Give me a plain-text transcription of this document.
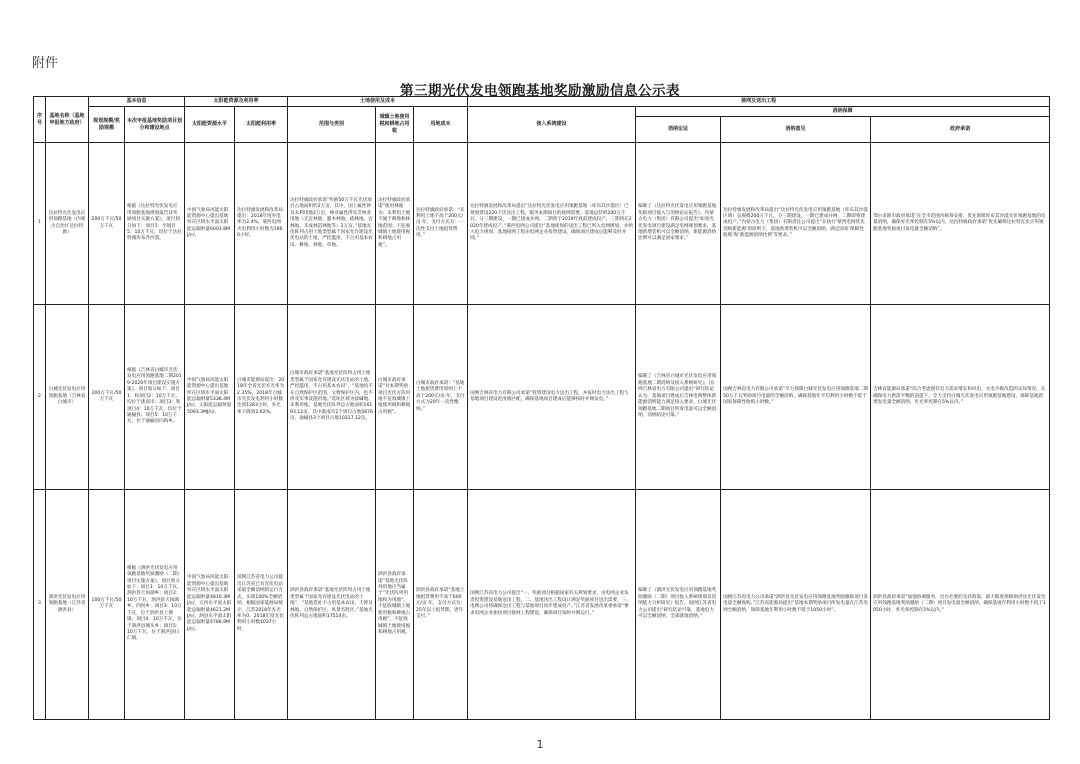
附件
第三期光伏发电领跑基地奖励激励信息公示表
序号	基地名称（基地申报地方政府）	基本信息		太阳能资源及利用率		土地使用及成本			接网及送出工程			
		规划规模/奖励规模	本次申报基地奖励项目划分和建设地点	太阳能资源水平	太阳能利用率	范围与类别	城镇土地使用税和耕地占用税	用地成本	接入系统建设	消纳保障		
										消纳论证	消纳意见	政府承诺
1	达拉特光伏发电应用领跑基地（内蒙古自治区达拉特旗）	200万千瓦/50万千瓦	根据《达拉特光伏发电应用领跑基地规划报告及奖励项目实施方案》，项目划分如下：项目1：至项目5：10万千瓦，均位于达拉特旗库布齐沙漠。	中国气象局风能太阳能资源中心提出基地所在区域水平面太阳能总辐射量6003.8MJ/㎡。	达拉特旗发展和改革局提出：2018年度弃电率为2.4%，蒙西电网火电利用小时数为1860小时。	达拉特旗政府承诺“奖励50万千瓦光伏项目占地面积约2万亩，其中，国土属性涉及未利用地2万亩，林业属性涉及非林业用地（无宜林地、灌木林地、疏林地、宜林地、未成林造林地等）2万亩。”基地光伏阵列占用土地类型属于国家允许建设光伏电站的土地，严控滥用，不占用基本农田、耕地、林地、草地。	达拉特旗政府承诺“使用林地为：未利用土地不属于耕地和林地范围；不征收城镇土地使用税和耕地占用税”。	达拉特旗政府承诺：“未利用土地不高于200元/亩·年，支付方式为：一次性支付土地租赁费用。”	达拉特旗发展和改革局提出“达拉特光伏发电应用领跑基地（库布其沙漠区）已规划建设220千伏送出工程，服务本期项目的接网需要。基地总装机200万千瓦，分三期建设，一期已建成并网，二期将于2019年底前建成投产，三期将在2020年建成投产。”蒙西电网公司提出“基地规划的送出工程已列入电网规划，并纳入电力规划；基地接网工程由电网企业投资建设，确保项目建成后能够及时并网。”	编制了《达拉特光伏发电应用领跑基地奖励项目接入与消纳论证报告》。内蒙古电力（集团）有限公司提出“如果光伏发电项目建设满足电网规划要求，基地新增装机可以全额消纳，新能源消纳比例可以满足国家要求。”	达拉特旗发展和改革局提出“达拉特光伏发电应用领跑基地（库布其沙漠区域）总规模200万千瓦，分三期建设，一期已建成并网，二期即将建成投产。”内蒙古电力（集团）有限责任公司提出“在执行‘蒙西电网优先消纳新能源’的原则下，基地新增装机可以全额消纳，满足国家‘保障性收购’和‘新能源消纳比例’等要求。”	鄂尔多斯市政府承诺“在全市范围内统筹安排，优先保障库布其沙漠光伏领跑基地的电量消纳，确保弃光率控制在5%以内，达拉特旗政府承诺“优先确保达拉特光伏应用领跑基地奖励项目发电量全额消纳”。
2	白城光伏发电应用领跑基地（吉林省白城市）	200万千瓦/50万千瓦	根据《吉林省白城市光伏发电应用领跑基地二期2019-2020年项目建设实施方案》，项目划分如下：项目1：和项目2：10万千瓦，均位于洮南市；项目3：和项目4：10万千瓦，均位于通榆县；项目5：10万千瓦，位于通榆县向海乡。	中国气象局风能太阳能资源中心提出基地所在区域水平面太阳能总辐射量5338.4MJ/㎡，太阳能总辐射量5093.3MJ/㎡。	白城市能源局提出：2018年全省光伏弃光率为2.35%，2018年白城市光伏发电利用小时数达到1283小时，弃光率下降到2.62%。	白城市政府承诺“基地光伏阵列占用土地类型属于国家允许建设光伏电站的土地，严控滥用，不占用基本农田”，“基地均不在自然保护区范围、文物保护区内，也不涉及军事设施用地。”选址区域为盐碱地、未利用地。基地光伏阵列总占地面积16193.12亩，其中洮南市2个项目占地5876亩、通榆县3个项目占地10317.12亩。	白城市政府承诺“对本期奖励项目光伏方阵用地不征收城镇土地使用税和耕地占用税”。	白城市政府承诺：“基地土地租赁费用原则上不高于200元/亩·年，支付方式为20年一次性缴纳。”	国网吉林省电力有限公司承诺“投资建设电力送出工程，并按时电力送出工程与基地项目建设进度相匹配，确保基地项目建成后能够按时并网发电。”	编制了《吉林省白城市光伏发电应用领跑基地二期消纳及接入系统研究》。国网吉林省电力有限公司提出“研究结论认为，基地项目建成后吉林电网整体新能源消纳能力满足接入要求，白城光伏领跑基地二期项目所发电量可以全额消纳，消纳结论可靠。”	国网吉林省电力有限公司承诺“尽力保障白城光伏发电应用领跑基地二期50万千瓦奖励项目电量的全额消纳，确保基地年平均利用小时数不低于国家保障性收购小时数。”	吉林省能源局承诺“综合考虑现有电力需求增长和风电、火电升级改造的实际情况，在确保电力供需平衡的前提下，全力支持白城光伏发电应用领跑基地建设，保障基地新增发电量全额消纳，弃光率控制在5%以内。”
3	泗洪光伏发电应用领跑基地（江苏省泗洪县）	100万千瓦/50万千瓦	根据《泗洪光伏发电应用领跑基地奖励激励（二期）项目实施方案》，项目划分如下：项目1：10万千瓦，泗洪县天岗湖乡；项目2：10万千瓦，泗洪县天岗湖乡、四河乡；项目3：10万千瓦，位于泗洪县上塘镇；项目4：10万千瓦，位于泗洪县城头乡；项目5：10万千瓦，位于泗洪县归仁镇。	中国气象局风能太阳能资源中心提出基地所在区域水平面太阳能总辐射量4810.3MJ/㎡，五河水平面太阳能总辐射量4621.2MJ/㎡，泗县水平面太阳能总辐射量4786.9MJ/㎡。	国网江苏省电力公司提出江苏省已有光伏电站采取全额消纳的运行方式，实现100%全额消纳。根据国家能源局统计，江苏2018年弃光率为0，2018年度光伏利用小时数1037小时。	泗洪县政府承诺“基地光伏阵列占用土地类型属于国家允许建设光伏电站的土地”，“基地选址不占用基本农田，不涉及林地、自然保护区、风景名胜区。”基地光伏阵列总占地面积17514亩。	泗洪县政府承诺“基地光伏阵列用地应当属于“光伏阵列用地和为用地”，不征收城镇土地使用税和耕地占用税”，不征收城镇土地使用税和耕地占用税。	泗洪县政府承诺“基地土地租赁费用不高于600元/亩·年，支付方式为：25年以上租赁期，逐年支付。”	国网江苏省电力公司提出“一、奖励项目根据国家有关规划要求，由电网企业负责投资建设基地送出工程，二、基地送出工程设计满足奖励项目送出需要，三、电网公司将确保送出工程与基地项目同步建成投产。”江苏省发展改革委承诺“要求电网企业加快项目接网工程建设，确保项目按时并网运行。”	编制了《泗洪光伏发电应用领跑基地奖励激励（二期）项目接入系统规划及消纳能力分析研究》报告。国网江苏省电力公司提出“研究结论可靠，基地电力可以全额消纳，全部就地消纳。”	国网江苏省电力公司承诺“泗洪县光伏发电应用领跑基地奖励激励项目发电量全额收购。”江苏省能源局提出“基地本期奖励项目所发电量在江苏电网全额消纳，保障基地年利用小时数不低于1050小时”。	泗洪县政府承诺“加强协调服务，出台必要的支持政策，最大限度保障泗洪县光伏发电应用领跑基地奖励激励（二期）项目发电量全额消纳，确保基地年利用小时数不低于1050小时，弃光率控制在5%以内。”
1
